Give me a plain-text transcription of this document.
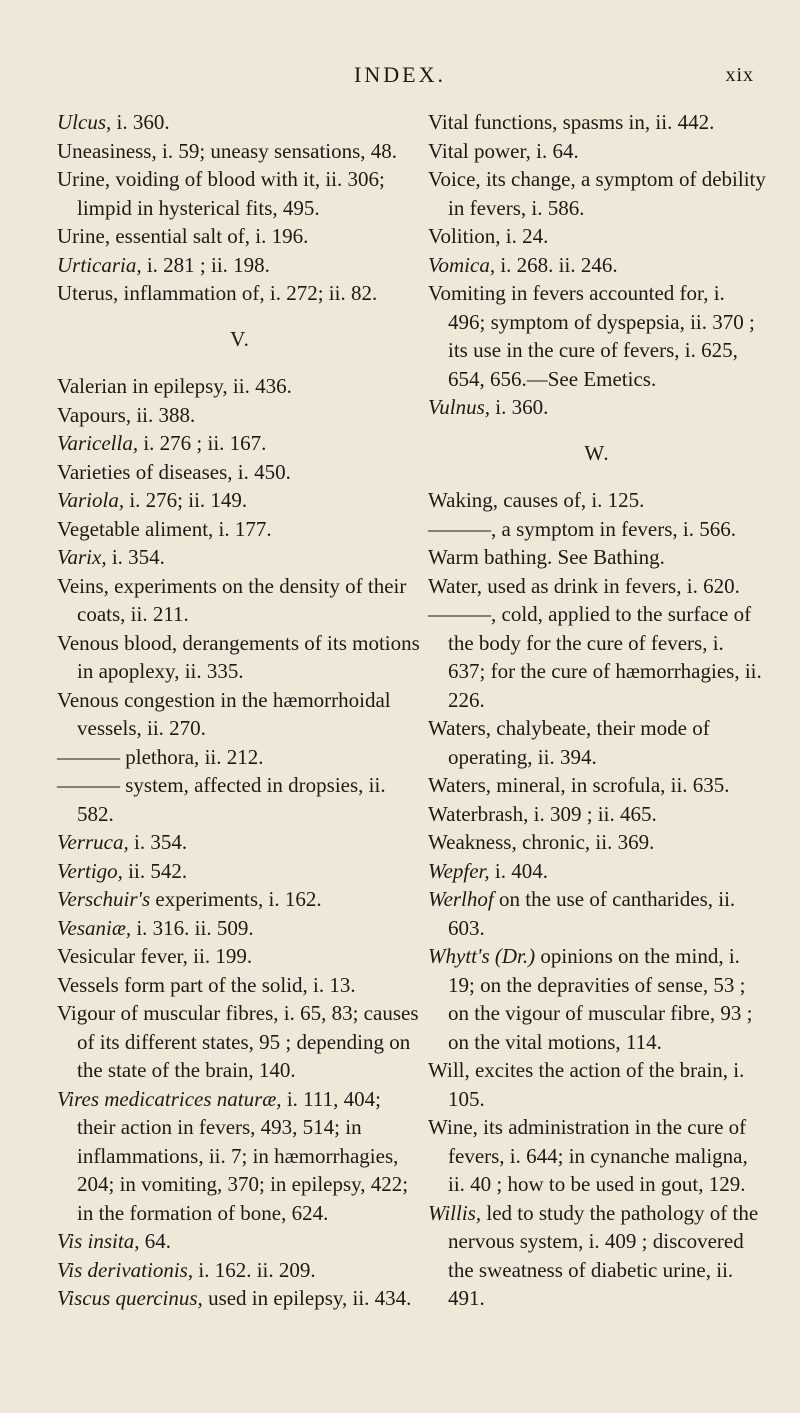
INDEX.	xix

Ulcus, i. 360.

Uneasiness, i. 59; uneasy sensations, 48.

Urine, voiding of blood with it, ii. 306; limpid in hysterical fits, 495.

Urine, essential salt of, i. 196.

Urticaria, i. 281 ; ii. 198.

Uterus, inflammation of, i. 272; ii. 82.

V.

Valerian in epilepsy, ii. 436.

Vapours, ii. 388.

Varicella, i. 276 ; ii. 167.

Varieties of diseases, i. 450.

Variola, i. 276; ii. 149.

Vegetable aliment, i. 177.

Varix, i. 354.

Veins, experiments on the density of their coats, ii. 211.

Venous blood, derangements of its motions in apoplexy, ii. 335.

Venous congestion in the hæmorrhoidal vessels, ii. 270.

——— plethora, ii. 212.

——— system, affected in dropsies, ii. 582.

Verruca, i. 354.

Vertigo, ii. 542.

Verschuir's experiments, i. 162.

Vesaniæ, i. 316. ii. 509.

Vesicular fever, ii. 199.

Vessels form part of the solid, i. 13.

Vigour of muscular fibres, i. 65, 83; causes of its different states, 95 ; depending on the state of the brain, 140.

Vires medicatrices naturæ, i. 111, 404; their action in fevers, 493, 514; in inflammations, ii. 7; in hæmorrhagies, 204; in vomiting, 370; in epilepsy, 422; in the formation of bone, 624.

Vis insita, 64.

Vis derivationis, i. 162. ii. 209.

Viscus quercinus, used in epilepsy, ii. 434.

Vital functions, spasms in, ii. 442.

Vital power, i. 64.

Voice, its change, a symptom of debility in fevers, i. 586.

Volition, i. 24.

Vomica, i. 268. ii. 246.

Vomiting in fevers accounted for, i. 496; symptom of dyspepsia, ii. 370 ; its use in the cure of fevers, i. 625, 654, 656.—See Emetics.

Vulnus, i. 360.

W.

Waking, causes of, i. 125.

———, a symptom in fevers, i. 566.

Warm bathing. See Bathing.

Water, used as drink in fevers, i. 620.

———, cold, applied to the surface of the body for the cure of fevers, i. 637; for the cure of hæmorrhagies, ii. 226.

Waters, chalybeate, their mode of operating, ii. 394.

Waters, mineral, in scrofula, ii. 635.

Waterbrash, i. 309 ; ii. 465.

Weakness, chronic, ii. 369.

Wepfer, i. 404.

Werlhof on the use of cantharides, ii. 603.

Whytt's (Dr.) opinions on the mind, i. 19; on the depravities of sense, 53 ; on the vigour of muscular fibre, 93 ; on the vital motions, 114.

Will, excites the action of the brain, i. 105.

Wine, its administration in the cure of fevers, i. 644; in cynanche maligna, ii. 40 ; how to be used in gout, 129.

Willis, led to study the pathology of the nervous system, i. 409 ; discovered the sweatness of diabetic urine, ii. 491.
